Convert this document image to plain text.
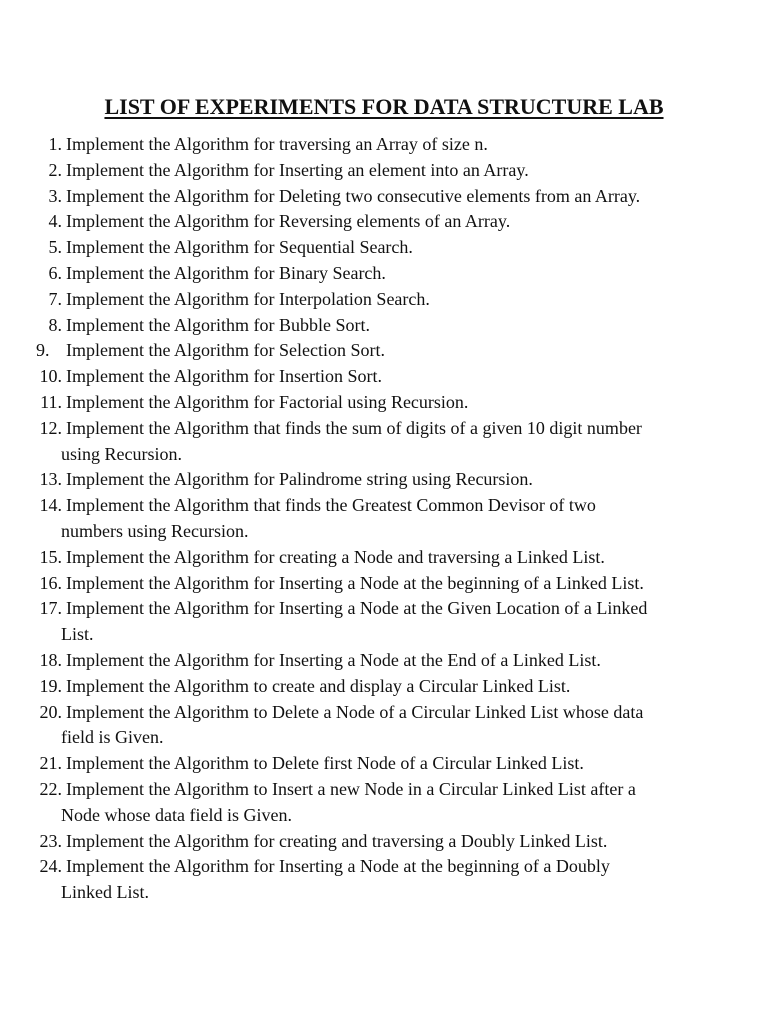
LIST OF EXPERIMENTS FOR DATA STRUCTURE LAB
1. Implement the Algorithm for traversing an Array of size n.
2. Implement the Algorithm for Inserting an element into an Array.
3. Implement the Algorithm for Deleting two consecutive elements from an Array.
4. Implement the Algorithm for Reversing elements of an Array.
5. Implement the Algorithm for Sequential Search.
6. Implement the Algorithm for Binary Search.
7. Implement the Algorithm for Interpolation Search.
8. Implement the Algorithm for Bubble Sort.
9. Implement the Algorithm for Selection Sort.
10. Implement the Algorithm for Insertion Sort.
11. Implement the Algorithm for Factorial using Recursion.
12. Implement the Algorithm that finds the sum of digits of a given 10 digit number
using Recursion.
13. Implement the Algorithm for Palindrome string using Recursion.
14. Implement the Algorithm that finds the Greatest Common Devisor of two
numbers using Recursion.
15. Implement the Algorithm for creating a Node and traversing a Linked List.
16. Implement the Algorithm for Inserting a Node at the beginning of a Linked List.
17. Implement the Algorithm for Inserting a Node at the Given Location of a Linked
List.
18. Implement the Algorithm for Inserting a Node at the End of a Linked List.
19. Implement the Algorithm to create and display a Circular Linked List.
20. Implement the Algorithm to Delete a Node of a Circular Linked List whose data
field is Given.
21. Implement the Algorithm to Delete first Node of a Circular Linked List.
22. Implement the Algorithm to Insert a new Node in a Circular Linked List after a
Node whose data field is Given.
23. Implement the Algorithm for creating and traversing a Doubly Linked List.
24. Implement the Algorithm for Inserting a Node at the beginning of a Doubly
Linked List.
